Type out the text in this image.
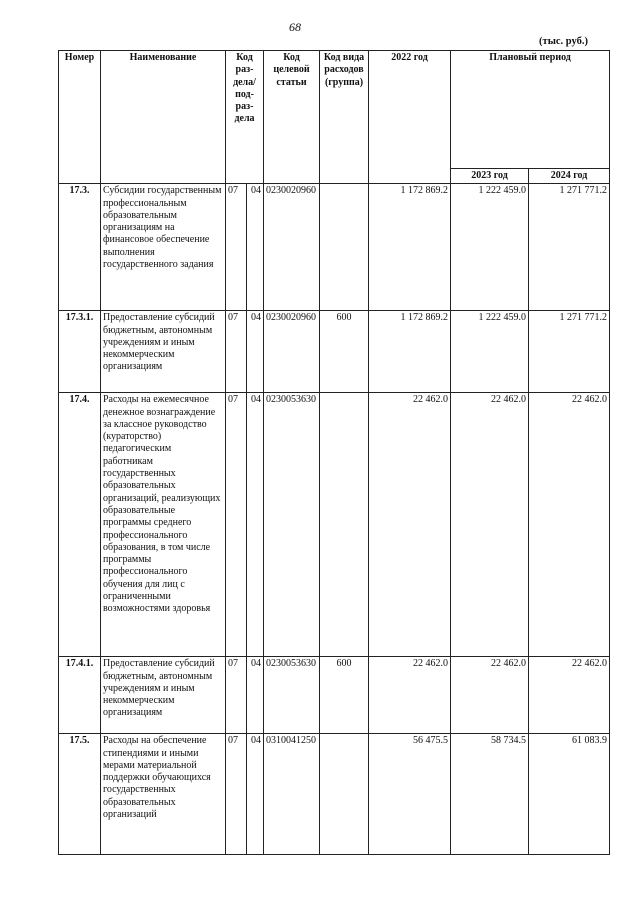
68
(тыс. руб.)
Номер	Наименование	Код раз-дела/ под-раз-дела		Код целевой статьи	Код вида расходов (группа)	2022 год	Плановый период	
							2023 год	2024 год
17.3.	Субсидии государственным профессиональным образовательным организациям на финансовое обеспечение выполнения государственного задания	07	04	0230020960		1 172 869.2	1 222 459.0	1 271 771.2
17.3.1.	Предоставление субсидий бюджетным, автономным учреждениям и иным некоммерческим организациям	07	04	0230020960	600	1 172 869.2	1 222 459.0	1 271 771.2
17.4.	Расходы на ежемесячное денежное вознаграждение за классное руководство (кураторство) педагогическим работникам государственных образовательных организаций, реализующих образовательные программы среднего профессионального образования, в том числе программы профессионального обучения для лиц с ограниченными возможностями здоровья	07	04	0230053630		22 462.0	22 462.0	22 462.0
17.4.1.	Предоставление субсидий бюджетным, автономным учреждениям и иным некоммерческим организациям	07	04	0230053630	600	22 462.0	22 462.0	22 462.0
17.5.	Расходы на обеспечение стипендиями и иными мерами материальной поддержки обучающихся государственных образовательных организаций	07	04	0310041250		56 475.5	58 734.5	61 083.9
